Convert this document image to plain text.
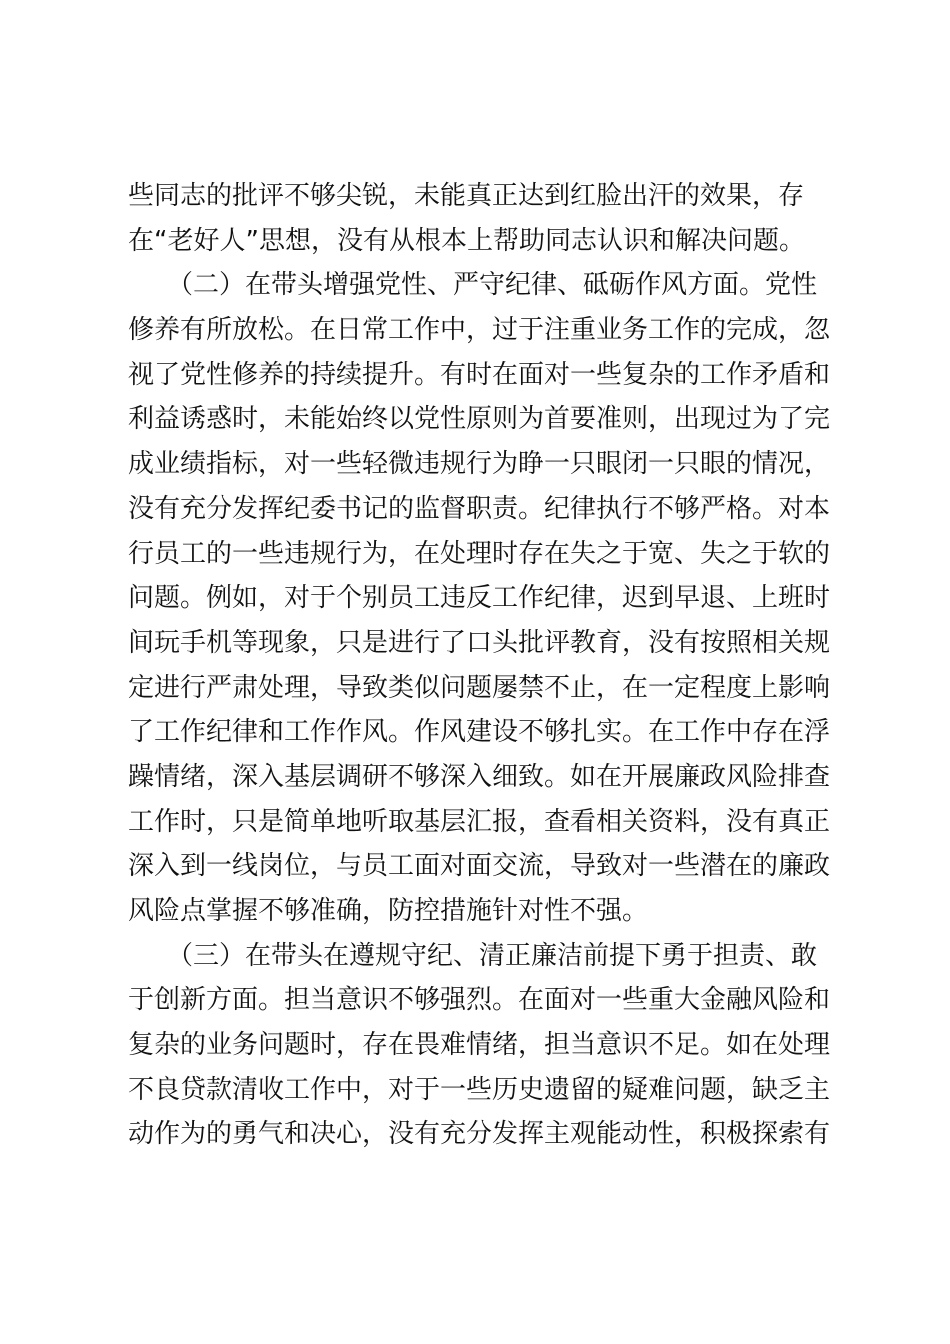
些同志的批评不够尖锐，未能真正达到红脸出汗的效果，存
在“老好人”思想，没有从根本上帮助同志认识和解决问题。
　　（二）在带头增强党性、严守纪律、砥砺作风方面。党性
修养有所放松。在日常工作中，过于注重业务工作的完成，忽
视了党性修养的持续提升。有时在面对一些复杂的工作矛盾和
利益诱惑时，未能始终以党性原则为首要准则，出现过为了完
成业绩指标，对一些轻微违规行为睁一只眼闭一只眼的情况，
没有充分发挥纪委书记的监督职责。纪律执行不够严格。对本
行员工的一些违规行为，在处理时存在失之于宽、失之于软的
问题。例如，对于个别员工违反工作纪律，迟到早退、上班时
间玩手机等现象，只是进行了口头批评教育，没有按照相关规
定进行严肃处理，导致类似问题屡禁不止，在一定程度上影响
了工作纪律和工作作风。作风建设不够扎实。在工作中存在浮
躁情绪，深入基层调研不够深入细致。如在开展廉政风险排查
工作时，只是简单地听取基层汇报，查看相关资料，没有真正
深入到一线岗位，与员工面对面交流，导致对一些潜在的廉政
风险点掌握不够准确，防控措施针对性不强。
　　（三）在带头在遵规守纪、清正廉洁前提下勇于担责、敢
于创新方面。担当意识不够强烈。在面对一些重大金融风险和
复杂的业务问题时，存在畏难情绪，担当意识不足。如在处理
不良贷款清收工作中，对于一些历史遗留的疑难问题，缺乏主
动作为的勇气和决心，没有充分发挥主观能动性，积极探索有
